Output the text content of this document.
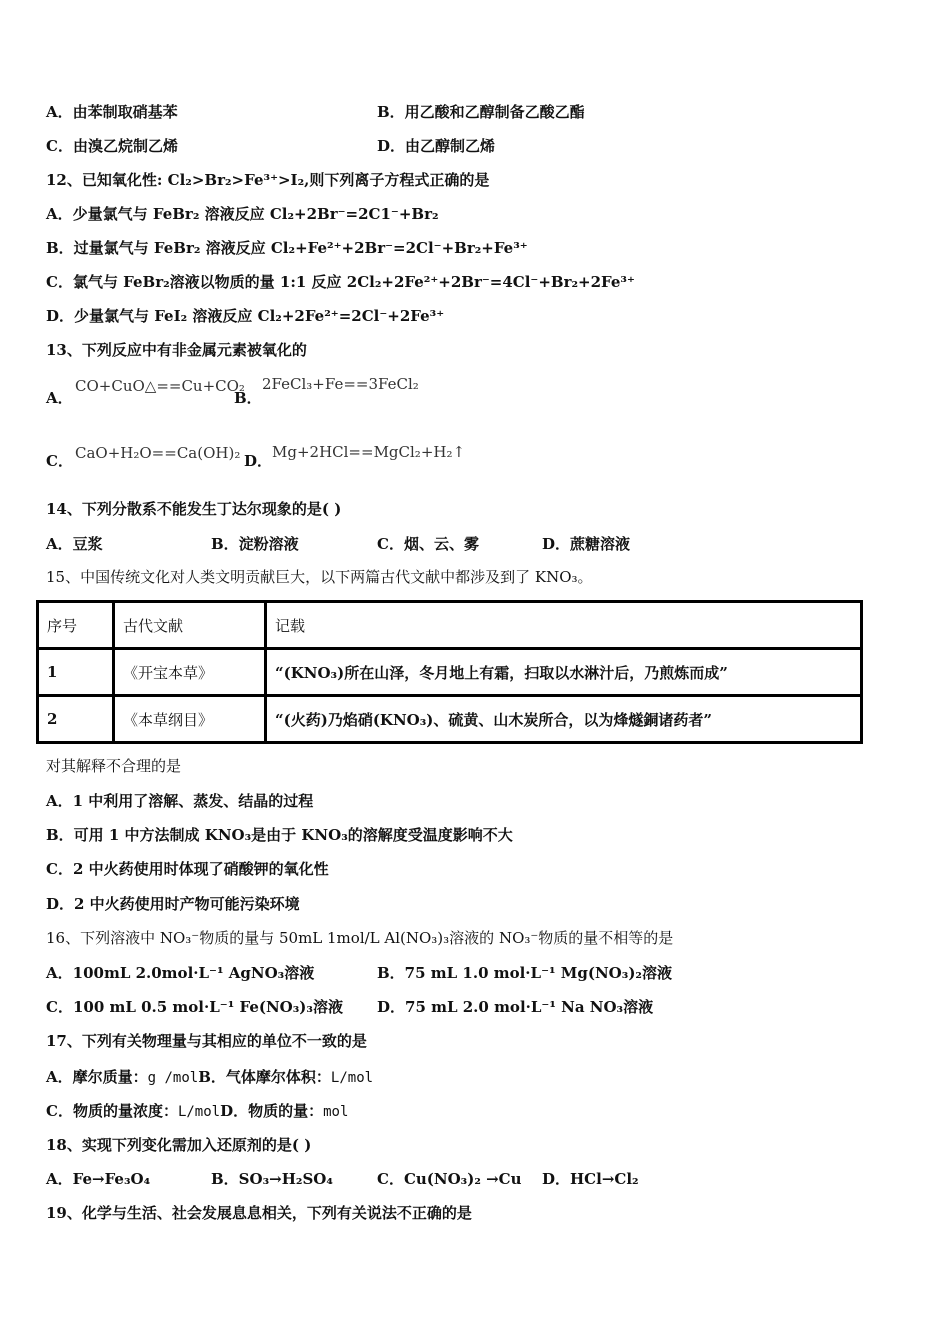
A．由苯制取硝基苯	B．用乙酸和乙醇制备乙酸乙酯
C．由溴乙烷制乙烯	D．由乙醇制乙烯
12、已知氧化性: Cl₂>Br₂>Fe³⁺>I₂,则下列离子方程式正确的是
A．少量氯气与 FeBr₂ 溶液反应 Cl₂+2Br⁻=2C1⁻+Br₂
B．过量氯气与 FeBr₂ 溶液反应 Cl₂+Fe²⁺+2Br⁻=2Cl⁻+Br₂+Fe³⁺
C．氯气与 FeBr₂溶液以物质的量 1:1 反应 2Cl₂+2Fe²⁺+2Br⁻=4Cl⁻+Br₂+2Fe³⁺
D．少量氯气与 FeI₂ 溶液反应 Cl₂+2Fe²⁺=2Cl⁻+2Fe³⁺
13、下列反应中有非金属元素被氧化的
A．
CO+CuO△==Cu+CO₂
B．
2FeCl₃+Fe==3FeCl₂
C． CaO+H₂O==Ca(OH)₂ D． Mg+2HCl==MgCl₂+H₂↑
14、下列分散系不能发生丁达尔现象的是( )
A．豆浆	B．淀粉溶液	C．烟、云、雾	D．蔗糖溶液
15、中国传统文化对人类文明贡献巨大，以下两篇古代文献中都涉及到了 KNO₃。
序号	古代文献	记载
1	《开宝本草》	“(KNO₃)所在山泽，冬月地上有霜，扫取以水淋汁后，乃煎炼而成”
2	《本草纲目》	“(火药)乃焰硝(KNO₃)、硫黄、山木炭所合，以为烽燧銅诸药者”
对其解释不合理的是
A．1 中利用了溶解、蒸发、结晶的过程
B．可用 1 中方法制成 KNO₃是由于 KNO₃的溶解度受温度影响不大
C．2 中火药使用时体现了硝酸钾的氧化性
D．2 中火药使用时产物可能污染环境
16、下列溶液中 NO₃⁻物质的量与 50mL 1mol/L Al(NO₃)₃溶液的 NO₃⁻物质的量不相等的是
A．100mL 2.0mol·L⁻¹ AgNO₃溶液	B．75 mL 1.0 mol·L⁻¹ Mg(NO₃)₂溶液
C．100 mL 0.5 mol·L⁻¹ Fe(NO₃)₃溶液 D．75 mL 2.0 mol·L⁻¹ Na NO₃溶液
17、下列有关物理量与其相应的单位不一致的是
A．摩尔质量：g /molB．气体摩尔体积：L/mol
C．物质的量浓度：L/molD．物质的量：mol
18、实现下列变化需加入还原剂的是( )
A．Fe→Fe₃O₄	B．SO₃→H₂SO₄	C．Cu(NO₃)₂ →Cu D．HCl→Cl₂
19、化学与生活、社会发展息息相关，下列有关说法不正确的是
